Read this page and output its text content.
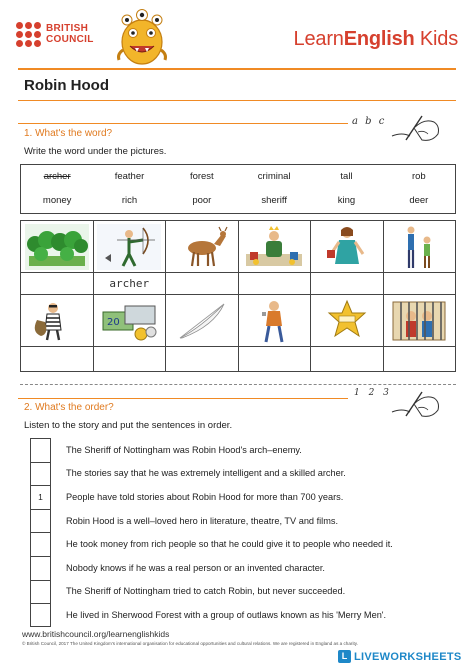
BRITISH
COUNCIL	LearnEnglish Kids
Robin Hood
a b c
1. What's the word?
Write the word under the pictures.
archer	feather	forest	criminal	tall	rob
money	rich	poor	sheriff	king	deer

	archer				

20

1 2 3
2. What's the order?
Listen to the story and put the sentences in order.
The Sheriff of Nottingham was Robin Hood's arch–enemy.
The stories say that he was extremely intelligent and a skilled archer.
1	People have told stories about Robin Hood for more than 700 years.
Robin Hood is a well–loved hero in literature, theatre, TV and films.
He took money from rich people so that he could give it to people who needed it.
Nobody knows if he was a real person or an invented character.
The Sheriff of Nottingham tried to catch Robin, but never succeeded.
He lived in Sherwood Forest with a group of outlaws known as his 'Merry Men'.
www.britishcouncil.org/learnenglishkids
© British Council, 2017 The United Kingdom's international organisation for educational opportunities and cultural relations. We are registered in England as a charity.
L LIVEWORKSHEETS
